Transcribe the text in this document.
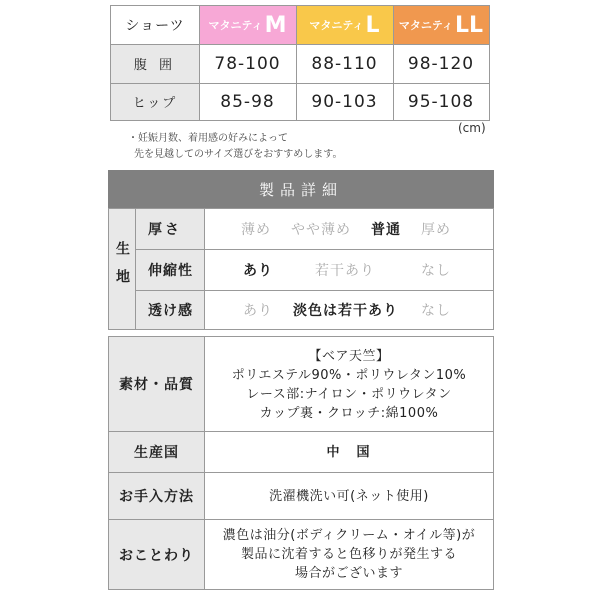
ショーツ マタニティ M マタニティ L マタニティ LL
腹 囲 78-100 88-110 98-120
ヒップ	85-98 90-103 95-108
(cm)
・妊娠月数、着用感の好みによって
先を見越してのサイズ選びをおすすめします。
製品詳細
生地
厚さ	薄め やや薄め 普通 厚め
伸縮性	あり	若干あり	なし
透け感	あり 淡色は若干あり なし
素材・品質
【ベア天竺】
ポリエステル90%・ポリウレタン10%
レース部:ナイロン・ポリウレタン
カップ裏・クロッチ:綿100%
生産国	中　国
お手入方法	洗濯機洗い可(ネット使用)
おことわり
濃色は油分(ボディクリーム・オイル等)が
製品に沈着すると色移りが発生する
場合がございます
